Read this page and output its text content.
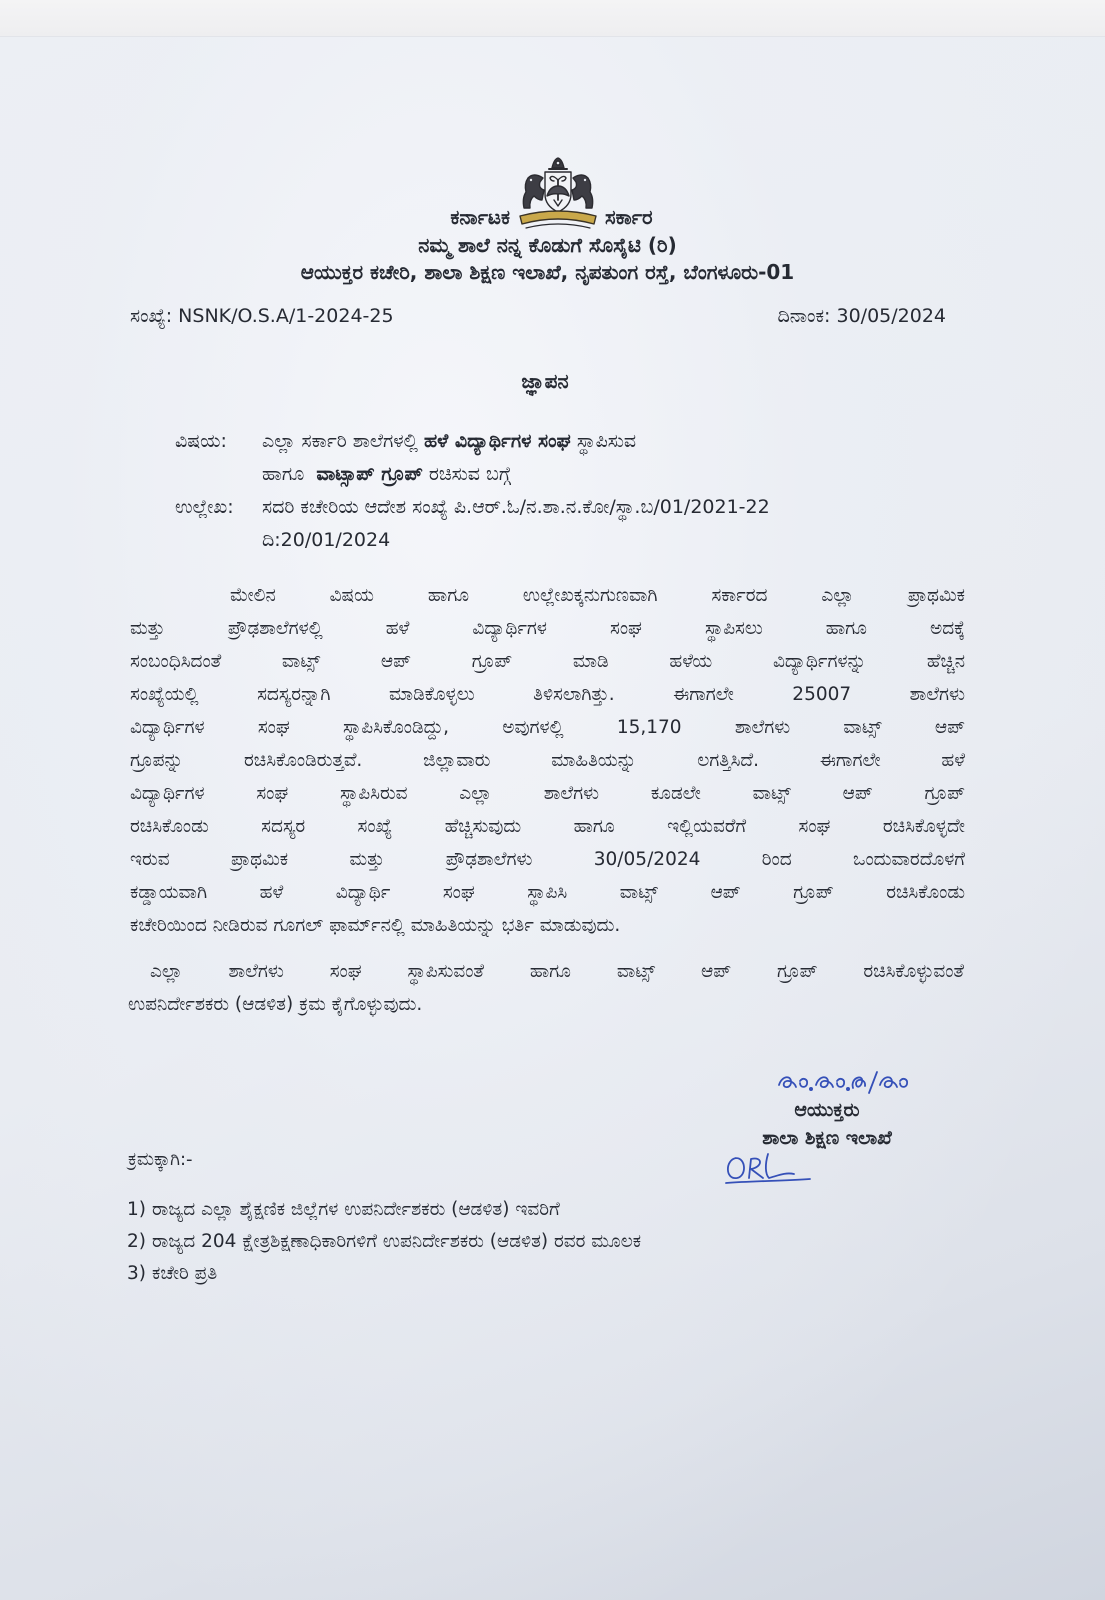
ಕರ್ನಾಟಕ	ಸರ್ಕಾರ
ನಮ್ಮ ಶಾಲೆ ನನ್ನ ಕೊಡುಗೆ ಸೊಸೈಟಿ (ರಿ)
ಆಯುಕ್ತರ ಕಚೇರಿ, ಶಾಲಾ ಶಿಕ್ಷಣ ಇಲಾಖೆ, ನೃಪತುಂಗ ರಸ್ತೆ, ಬೆಂಗಳೂರು-01
ಸಂಖ್ಯೆ: NSNK/O.S.A/1-2024-25	ದಿನಾಂಕ: 30/05/2024
ಜ್ಞಾಪನ
ವಿಷಯ:	ಎಲ್ಲಾ ಸರ್ಕಾರಿ ಶಾಲೆಗಳಲ್ಲಿ ಹಳೆ ವಿದ್ಯಾರ್ಥಿಗಳ ಸಂಘ ಸ್ಥಾಪಿಸುವ
ಹಾಗೂ ವಾಟ್ಸಾಪ್ ಗ್ರೂಪ್ ರಚಿಸುವ ಬಗ್ಗೆ
ಉಲ್ಲೇಖ:	ಸದರಿ ಕಚೇರಿಯ ಆದೇಶ ಸಂಖ್ಯೆ ಪಿ.ಆರ್.ಓ/ನ.ಶಾ.ನ.ಕೋ/ಸ್ಥಾ.ಬ/01/2021-22
ದಿ:20/01/2024
ಮೇಲಿನ ವಿಷಯ ಹಾಗೂ ಉಲ್ಲೇಖಕ್ಕನುಗುಣವಾಗಿ ಸರ್ಕಾರದ ಎಲ್ಲಾ ಪ್ರಾಥಮಿಕ
ಮತ್ತು ಪ್ರೌಢಶಾಲೆಗಳಲ್ಲಿ ಹಳೆ ವಿದ್ಯಾರ್ಥಿಗಳ ಸಂಘ ಸ್ಥಾಪಿಸಲು ಹಾಗೂ ಅದಕ್ಕೆ
ಸಂಬಂಧಿಸಿದಂತೆ ವಾಟ್ಸ್ ಆಪ್ ಗ್ರೂಪ್ ಮಾಡಿ ಹಳೆಯ ವಿದ್ಯಾರ್ಥಿಗಳನ್ನು ಹೆಚ್ಚಿನ
ಸಂಖ್ಯೆಯಲ್ಲಿ ಸದಸ್ಯರನ್ನಾಗಿ ಮಾಡಿಕೊಳ್ಳಲು ತಿಳಿಸಲಾಗಿತ್ತು. ಈಗಾಗಲೇ 25007 ಶಾಲೆಗಳು
ವಿದ್ಯಾರ್ಥಿಗಳ ಸಂಘ ಸ್ಥಾಪಿಸಿಕೊಂಡಿದ್ದು, ಅವುಗಳಲ್ಲಿ 15,170 ಶಾಲೆಗಳು ವಾಟ್ಸ್ ಆಪ್
ಗ್ರೂಪನ್ನು ರಚಿಸಿಕೊಂಡಿರುತ್ತವೆ. ಜಿಲ್ಲಾವಾರು ಮಾಹಿತಿಯನ್ನು ಲಗತ್ತಿಸಿದೆ. ಈಗಾಗಲೇ ಹಳೆ
ವಿದ್ಯಾರ್ಥಿಗಳ ಸಂಘ ಸ್ಥಾಪಿಸಿರುವ ಎಲ್ಲಾ ಶಾಲೆಗಳು ಕೂಡಲೇ ವಾಟ್ಸ್ ಆಪ್ ಗ್ರೂಪ್
ರಚಿಸಿಕೊಂಡು ಸದಸ್ಯರ ಸಂಖ್ಯೆ ಹೆಚ್ಚಿಸುವುದು ಹಾಗೂ ಇಲ್ಲಿಯವರೆಗೆ ಸಂಘ ರಚಿಸಿಕೊಳ್ಳದೇ
ಇರುವ ಪ್ರಾಥಮಿಕ ಮತ್ತು ಪ್ರೌಢಶಾಲೆಗಳು 30/05/2024 ರಿಂದ ಒಂದುವಾರದೊಳಗೆ
ಕಡ್ಡಾಯವಾಗಿ ಹಳೆ ವಿದ್ಯಾರ್ಥಿ ಸಂಘ ಸ್ಥಾಪಿಸಿ ವಾಟ್ಸ್ ಆಪ್ ಗ್ರೂಪ್ ರಚಿಸಿಕೊಂಡು
ಕಚೇರಿಯಿಂದ ನೀಡಿರುವ ಗೂಗಲ್ ಫಾರ್ಮ್‌ನಲ್ಲಿ ಮಾಹಿತಿಯನ್ನು ಭರ್ತಿ ಮಾಡುವುದು.
ಎಲ್ಲಾ ಶಾಲೆಗಳು ಸಂಘ ಸ್ಥಾಪಿಸುವಂತೆ ಹಾಗೂ ವಾಟ್ಸ್ ಆಪ್ ಗ್ರೂಪ್ ರಚಿಸಿಕೊಳ್ಳುವಂತೆ
ಉಪನಿರ್ದೇಶಕರು (ಆಡಳಿತ) ಕ್ರಮ ಕೈಗೊಳ್ಳುವುದು.
ಆಯುಕ್ತರು
ಶಾಲಾ ಶಿಕ್ಷಣ ಇಲಾಖೆ
ಕ್ರಮಕ್ಕಾಗಿ:-
1) ರಾಜ್ಯದ ಎಲ್ಲಾ ಶೈಕ್ಷಣಿಕ ಜಿಲ್ಲೆಗಳ ಉಪನಿರ್ದೇಶಕರು (ಆಡಳಿತ) ಇವರಿಗೆ
2) ರಾಜ್ಯದ 204 ಕ್ಷೇತ್ರಶಿಕ್ಷಣಾಧಿಕಾರಿಗಳಿಗೆ ಉಪನಿರ್ದೇಶಕರು (ಆಡಳಿತ) ರವರ ಮೂಲಕ
3) ಕಚೇರಿ ಪ್ರತಿ
